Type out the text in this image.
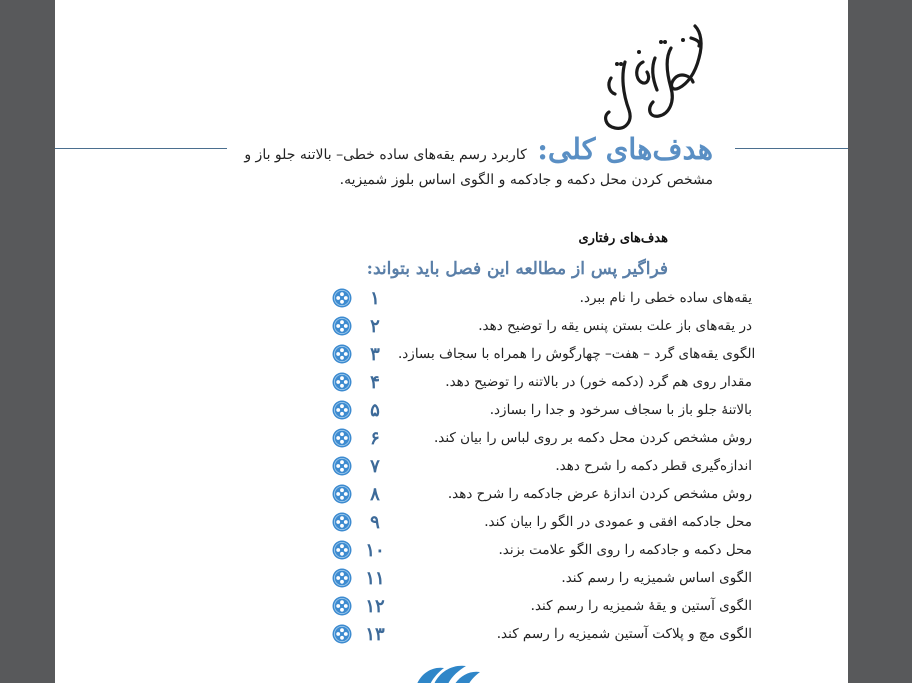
هدف‌های کلی: کاربرد رسم یقه‌های ساده خطی– بالاتنه جلو باز و
مشخص کردن محل دکمه و جادکمه و الگوی اساس بلوز شمیزیه.
هدف‌های رفتاری
فراگیر پس از مطالعه این فصل باید بتواند:
۱	یقه‌های ساده خطی را نام ببرد.
۲	در یقه‌های باز علت بستن پنس یقه را توضیح دهد.
۳	الگوی یقه‌های گرد – هفت– چهارگوش را همراه با سجاف بسازد.
۴	مقدار روی هم گرد (دکمه خور) در بالاتنه را توضیح دهد.
۵	بالاتنهٔ جلو باز با سجاف سرخود و جدا را بسازد.
۶	روش مشخص کردن محل دکمه بر روی لباس را بیان کند.
۷	اندازه‌گیری قطر دکمه را شرح دهد.
۸	روش مشخص کردن اندازهٔ عرض جادکمه را شرح دهد.
۹	محل جادکمه افقی و عمودی در الگو را بیان کند.
۱۰	محل دکمه و جادکمه را روی الگو علامت بزند.
۱۱	الگوی اساس شمیزیه را رسم کند.
۱۲	الگوی آستین و یقهٔ شمیزیه را رسم کند.
۱۳	الگوی مچ و پلاکت آستین شمیزیه را رسم کند.
